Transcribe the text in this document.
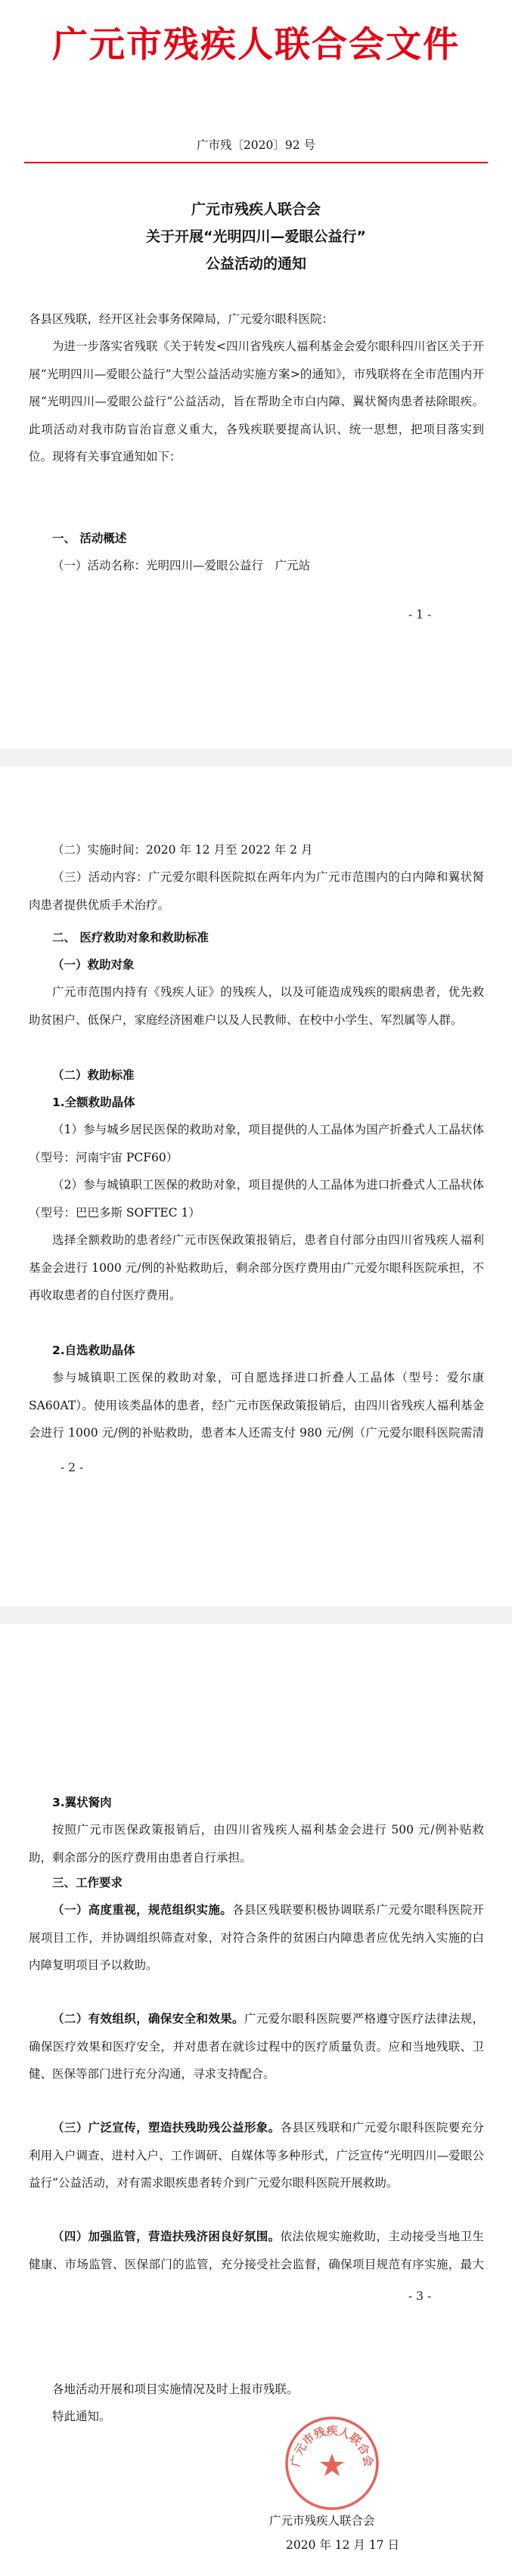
广元市残疾人联合会文件
广市残〔2020〕92 号
广元市残疾人联合会
关于开展“光明四川—爱眼公益行”
公益活动的通知
各县区残联，经开区社会事务保障局，广元爱尔眼科医院：
为进一步落实省残联《关于转发<四川省残疾人福利基金会爱尔眼科四川省区关于开展“光明四川—爱眼公益行”大型公益活动实施方案>的通知》，市残联将在全市范围内开展“光明四川—爱眼公益行”公益活动，旨在帮助全市白内障、翼状胬肉患者祛除眼疾。此项活动对我市防盲治盲意义重大，各残疾联要提高认识、统一思想，把项目落实到位。现将有关事宜通知如下：
一、 活动概述
（一）活动名称：光明四川—爱眼公益行　广元站
- 1 -
（二）实施时间：2020 年 12 月至 2022 年 2 月
（三）活动内容：广元爱尔眼科医院拟在两年内为广元市范围内的白内障和翼状胬肉患者提供优质手术治疗。
二、 医疗救助对象和救助标准
（一）救助对象
广元市范围内持有《残疾人证》的残疾人，以及可能造成残疾的眼病患者，优先救助贫困户、低保户，家庭经济困难户以及人民教师、在校中小学生、军烈属等人群。
（二）救助标准
1.全额救助晶体
（1）参与城乡居民医保的救助对象，项目提供的人工晶体为国产折叠式人工晶状体（型号：河南宇宙 PCF60）
（2）参与城镇职工医保的救助对象，项目提供的人工晶体为进口折叠式人工晶状体（型号：巴巴多斯 SOFTEC 1）
选择全额救助的患者经广元市医保政策报销后，患者自付部分由四川省残疾人福利基金会进行 1000 元/例的补贴救助后，剩余部分医疗费用由广元爱尔眼科医院承担，不再收取患者的自付医疗费用。
2.自选救助晶体
参与城镇职工医保的救助对象，可自愿选择进口折叠人工晶体（型号：爱尔康 SA60AT）。使用该类晶体的患者，经广元市医保政策报销后，由四川省残疾人福利基金会进行 1000 元/例的补贴救助，患者本人还需支付 980 元/例（广元爱尔眼科医院需清
- 2 -
3.翼状胬肉
按照广元市医保政策报销后，由四川省残疾人福利基金会进行 500 元/例补贴救助，剩余部分的医疗费用由患者自行承担。
三、工作要求
（一）高度重视，规范组织实施。各县区残联要积极协调联系广元爱尔眼科医院开展项目工作，并协调组织筛查对象，对符合条件的贫困白内障患者应优先纳入实施的白内障复明项目予以救助。
（二）有效组织，确保安全和效果。广元爱尔眼科医院要严格遵守医疗法律法规，确保医疗效果和医疗安全，并对患者在就诊过程中的医疗质量负责。应和当地残联、卫健、医保等部门进行充分沟通，寻求支持配合。
（三）广泛宣传，塑造扶残助残公益形象。各县区残联和广元爱尔眼科医院要充分利用入户调查、进村入户、工作调研、自媒体等多种形式，广泛宣传“光明四川—爱眼公益行”公益活动，对有需求眼疾患者转介到广元爱尔眼科医院开展救助。
（四）加强监管，营造扶残济困良好氛围。依法依规实施救助，主动接受当地卫生健康、市场监管、医保部门的监管，充分接受社会监督，确保项目规范有序实施，最大
- 3 -
各地活动开展和项目实施情况及时上报市残联。
特此通知。
广元市残疾人联合会
2020 年 12 月 17 日
广元市残疾人联合会
